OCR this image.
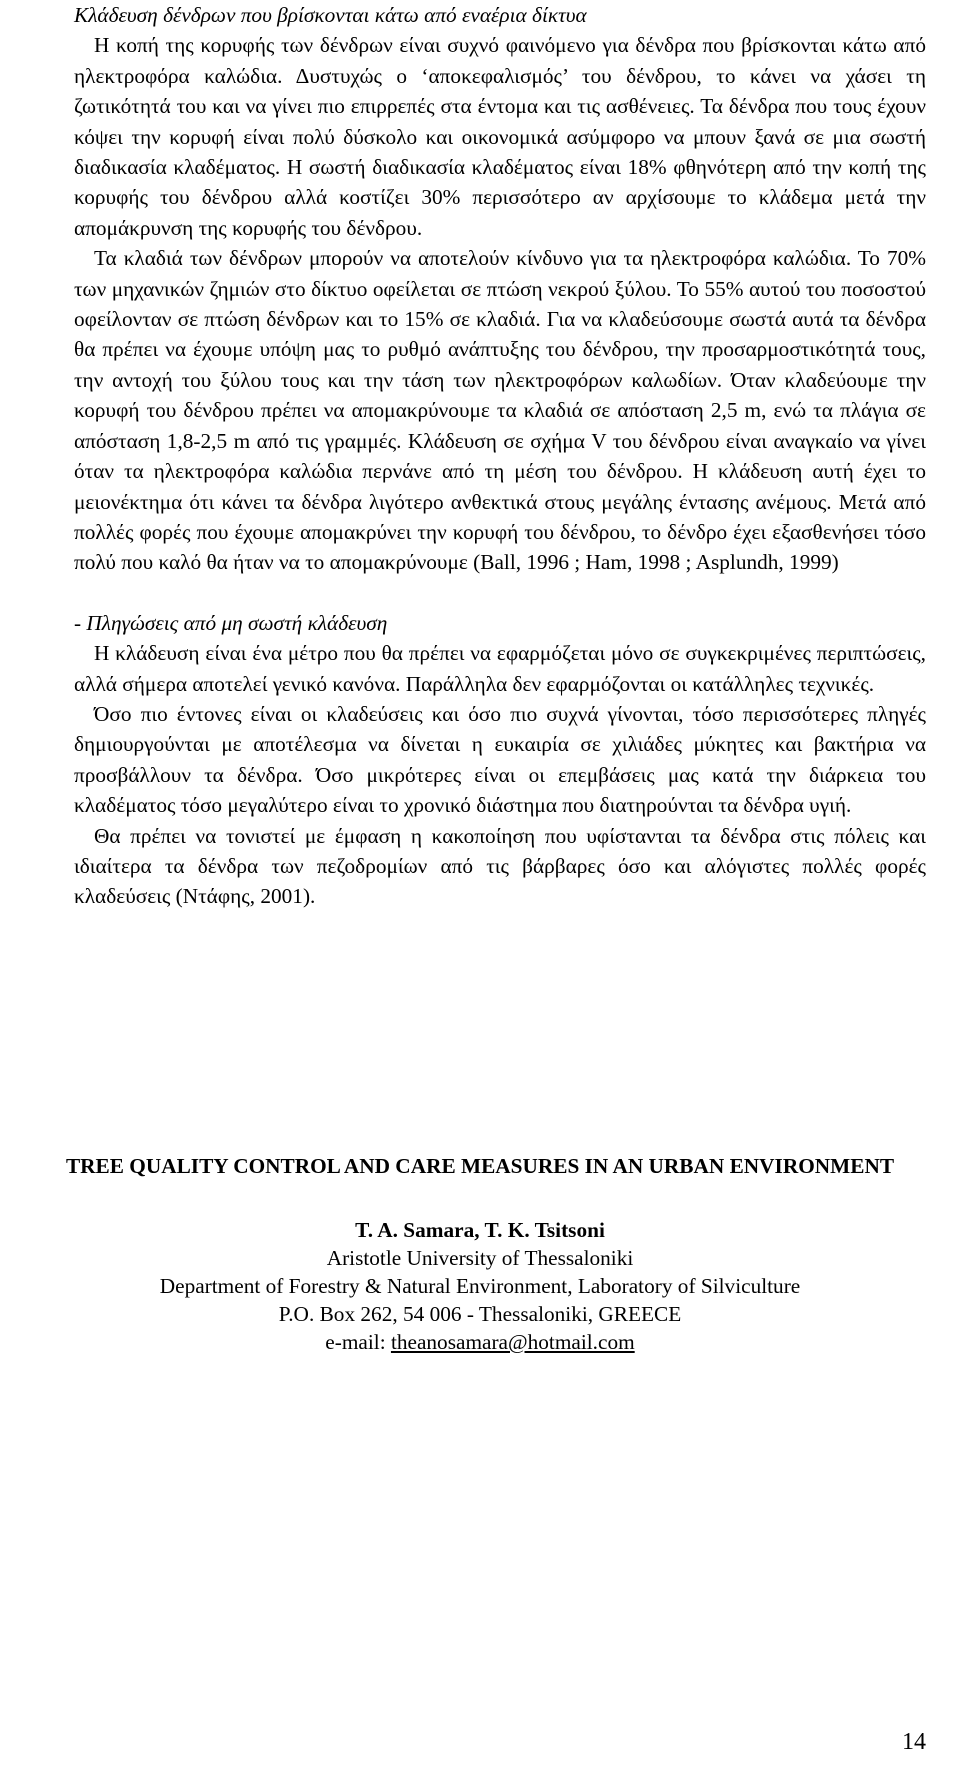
Κλάδευση δένδρων που βρίσκονται κάτω από εναέρια δίκτυα

Η κοπή της κορυφής των δένδρων είναι συχνό φαινόμενο για δένδρα που βρίσκονται κάτω από ηλεκτροφόρα καλώδια. Δυστυχώς ο ‘αποκεφαλισμός’ του δένδρου, το κάνει να χάσει τη ζωτικότητά του και να γίνει πιο επιρρεπές στα έντομα και τις ασθένειες. Τα δένδρα που τους έχουν κόψει την κορυφή είναι πολύ δύσκολο και οικονομικά ασύμφορο να μπουν ξανά σε μια σωστή διαδικασία κλαδέματος. Η σωστή διαδικασία κλαδέματος είναι 18% φθηνότερη από την κοπή της κορυφής του δένδρου αλλά κοστίζει 30% περισσότερο αν αρχίσουμε το κλάδεμα μετά την απομάκρυνση της κορυφής του δένδρου.

Τα κλαδιά των δένδρων μπορούν να αποτελούν κίνδυνο για τα ηλεκτροφόρα καλώδια. Το 70% των μηχανικών ζημιών στο δίκτυο οφείλεται σε πτώση νεκρού ξύλου. Το 55% αυτού του ποσοστού οφείλονταν σε πτώση δένδρων και το 15% σε κλαδιά. Για να κλαδεύσουμε σωστά αυτά τα δένδρα θα πρέπει να έχουμε υπόψη μας το ρυθμό ανάπτυξης του δένδρου, την προσαρμοστικότητά τους, την αντοχή του ξύλου τους και την τάση των ηλεκτροφόρων καλωδίων. Όταν κλαδεύουμε την κορυφή του δένδρου πρέπει να απομακρύνουμε τα κλαδιά σε απόσταση 2,5 m, ενώ τα πλάγια σε απόσταση 1,8-2,5 m από τις γραμμές. Κλάδευση σε σχήμα V του δένδρου είναι αναγκαίο να γίνει όταν τα ηλεκτροφόρα καλώδια περνάνε από τη μέση του δένδρου. Η κλάδευση αυτή έχει το μειονέκτημα ότι κάνει τα δένδρα λιγότερο ανθεκτικά στους μεγάλης έντασης ανέμους. Μετά από πολλές φορές που έχουμε απομακρύνει την κορυφή του δένδρου, το δένδρο έχει εξασθενήσει τόσο πολύ που καλό θα ήταν να το απομακρύνουμε (Ball, 1996 ; Ham, 1998 ; Asplundh, 1999)

- Πληγώσεις από μη σωστή κλάδευση

Η κλάδευση είναι ένα μέτρο που θα πρέπει να εφαρμόζεται μόνο σε συγκεκριμένες περιπτώσεις, αλλά σήμερα αποτελεί γενικό κανόνα. Παράλληλα δεν εφαρμόζονται οι κατάλληλες τεχνικές.

Όσο πιο έντονες είναι οι κλαδεύσεις και όσο πιο συχνά γίνονται, τόσο περισσότερες πληγές δημιουργούνται με αποτέλεσμα να δίνεται η ευκαιρία σε χιλιάδες μύκητες και βακτήρια να προσβάλλουν τα δένδρα. Όσο μικρότερες είναι οι επεμβάσεις μας κατά την διάρκεια του κλαδέματος τόσο μεγαλύτερο είναι το χρονικό διάστημα που διατηρούνται τα δένδρα υγιή.

Θα πρέπει να τονιστεί με έμφαση η κακοποίηση που υφίστανται τα δένδρα στις πόλεις και ιδιαίτερα τα δένδρα των πεζοδρομίων από τις βάρβαρες όσο και αλόγιστες πολλές φορές κλαδεύσεις (Ντάφης, 2001).

TREE QUALITY CONTROL AND CARE MEASURES IN AN URBAN ENVIRONMENT

T. A. Samara, T. K. Tsitsoni

Aristotle University of Thessaloniki

Department of Forestry & Natural Environment, Laboratory of Silviculture

P.O. Box 262, 54 006 - Thessaloniki, GREECE

e-mail: theanosamara@hotmail.com

14
